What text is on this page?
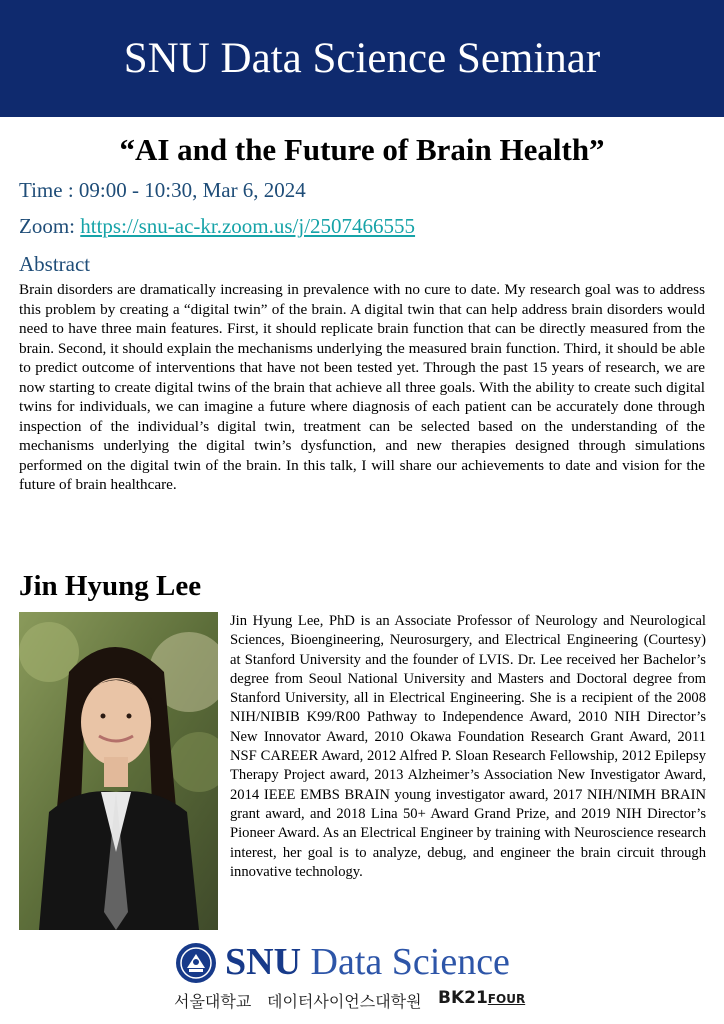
SNU Data Science Seminar
“AI and the Future of Brain Health”
Time : 09:00 - 10:30, Mar 6, 2024
Zoom: https://snu-ac-kr.zoom.us/j/2507466555
Abstract
Brain disorders are dramatically increasing in prevalence with no cure to date. My research goal was to address this problem by creating a “digital twin” of the brain. A digital twin that can help address brain disorders would need to have three main features. First, it should replicate brain function that can be directly measured from the brain. Second, it should explain the mechanisms underlying the measured brain function. Third, it should be able to predict outcome of interventions that have not been tested yet. Through the past 15 years of research, we are now starting to create digital twins of the brain that achieve all three goals. With the ability to create such digital twins for individuals, we can imagine a future where diagnosis of each patient can be accurately done through inspection of the individual’s digital twin, treatment can be selected based on the understanding of the mechanisms underlying the digital twin’s dysfunction, and new therapies designed through simulations performed on the digital twin of the brain. In this talk, I will share our achievements to date and vision for the future of brain healthcare.
Jin Hyung Lee
Jin Hyung Lee, PhD is an Associate Professor of Neurology and Neurological Sciences, Bioengineering, Neurosurgery, and Electrical Engineering (Courtesy) at Stanford University and the founder of LVIS. Dr. Lee received her Bachelor’s degree from Seoul National University and Masters and Doctoral degree from Stanford University, all in Electrical Engineering. She is a recipient of the 2008 NIH/NIBIB K99/R00 Pathway to Independence Award, 2010 NIH Director’s New Innovator Award, 2010 Okawa Foundation Research Grant Award, 2011 NSF CAREER Award, 2012 Alfred P. Sloan Research Fellowship, 2012 Epilepsy Therapy Project award, 2013 Alzheimer’s Association New Investigator Award, 2014 IEEE EMBS BRAIN young investigator award, 2017 NIH/NIMH BRAIN grant award, and 2018 Lina 50+ Award Grand Prize, and 2019 NIH Director’s Pioneer Award. As an Electrical Engineer by training with Neuroscience research interest, her goal is to analyze, debug, and engineer the brain circuit through innovative technology.
SNU Data Science
서울대학교 데이터사이언스대학원 BK21FOUR
